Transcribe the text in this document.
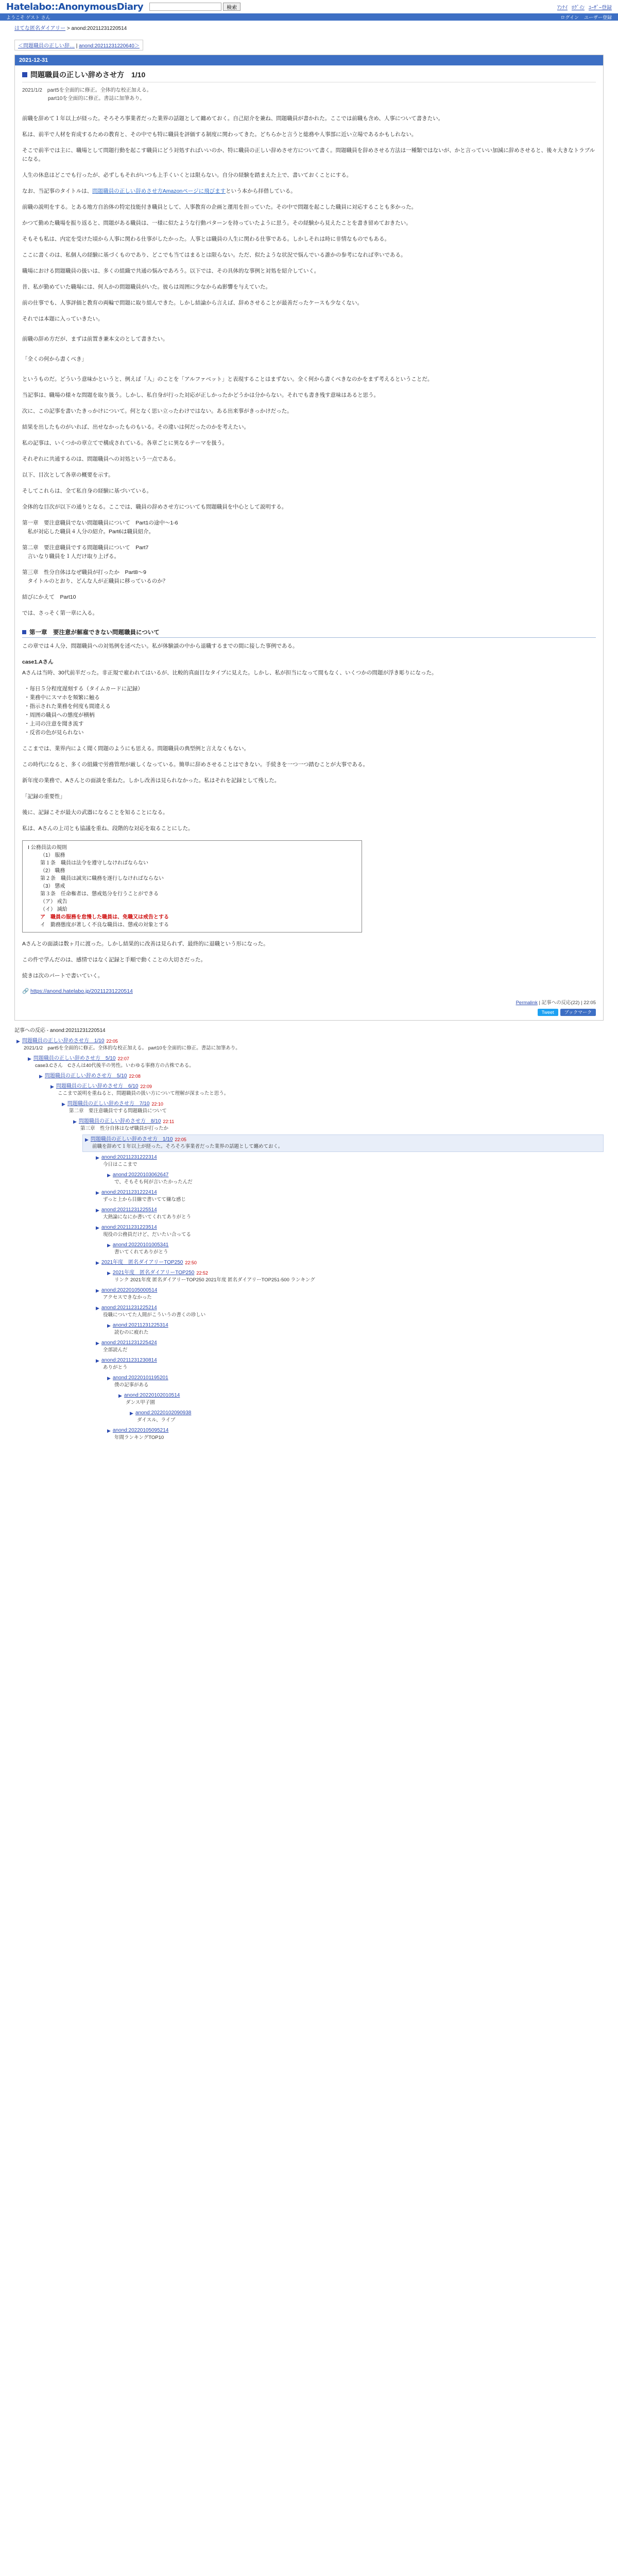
Hatelabo::AnonymousDiary	検索	ｱﾝﾅｲ ﾛｸﾞｲﾝ ﾕｰｻﾞｰ登録
ようこそ ゲスト さん	ログイン ユーザー登録
はてな匿名ダイアリー > anond:20211231220514
＜問題職員の正しい辞… | anond:20211231220640＞
2021-12-31
問題職員の正しい辞めさせ方　1/10
2021/1/2　part5を全面的に修正。全体的な校正加える。
　　　　　part10を全面的に修正。書誌に加筆あり。

前職を辞めて１年以上が経った。そろそろ事業者だった業界の話題として纏めておく。自己紹介を兼ね、問題職員が書かれた。ここでは前職も含め、人事について書きたい。

私は、前半で人材を育成するための教育と、その中でも特に職員を評価する制度に関わってきた。どちらかと言うと総務や人事部に近い立場であるかもしれない。

そこで前半では主に、職場として問題行動を起こす職員にどう対処すればいいのか、特に職員の正しい辞めさせ方について書く。問題職員を辞めさせる方法は一種類ではないが、かと言っていい加減に辞めさせると、後々大きなトラブルになる。

人生の休息はどこでも行ったが、必ずしもそれがいつも上手くいくとは限らない。自分の経験を踏まえた上で、書いておくことにする。

なお、当記事のタイトルは、問題職員の正しい辞めさせ方Amazonページに飛びますという本から拝借している。

前職の説明をする。とある地方自治体の特定技能付き職員として、人事教育の企画と運用を担っていた。その中で問題を起こした職員に対応することも多かった。

かつて勤めた職場を振り返ると、問題がある職員は、一様に似たような行動パターンを持っていたように思う。その経験から見えたことを書き留めておきたい。

そもそも私は、内定を受けた頃から人事に関わる仕事がしたかった。人事とは職員の人生に関わる仕事である。しかしそれは時に非情なものでもある。

ここに書くのは、私個人の経験に基づくものであり、どこでも当てはまるとは限らない。ただ、似たような状況で悩んでいる誰かの参考になれば幸いである。

職場における問題職員の扱いは、多くの組織で共通の悩みであろう。以下では、その具体的な事例と対処を紹介していく。

昔、私が勤めていた職場には、何人かの問題職員がいた。彼らは周囲に少なからぬ影響を与えていた。

前の仕事でも、人事評価と教育の両輪で問題に取り組んできた。しかし結論から言えば、辞めさせることが最善だったケースも少なくない。

それでは本題に入っていきたい。

前職の辞め方だが、まずは前置き兼本文のとして書きたい。

「全くの何から書くべき」

というものだ。どういう意味かというと、例えば「人」のことを「アルファベット」と表現することはまずない。全く何から書くべきなのかをまず考えるということだ。

当記事は、職場の様々な問題を取り扱う。しかし、私自身が行った対応が正しかったかどうかは分からない。それでも書き残す意味はあると思う。

次に、この記事を書いたきっかけについて。何となく思い立ったわけではない。ある出来事がきっかけだった。

結果を出したものがいれば、出せなかったものもいる。その違いは何だったのかを考えたい。

私の記事は、いくつかの章立てで構成されている。各章ごとに異なるテーマを扱う。

それぞれに共通するのは、問題職員への対処という一点である。

以下、目次として各章の概要を示す。

そしてこれらは、全て私自身の経験に基づいている。

全体的な目次が以下の通りとなる。ここでは、職員の辞めさせ方についても問題職員を中心として説明する。

第一章　要注意職員でない問題職員について　Part1の途中〜1-6

　私が対応した職員４人分の紹介。Part6は職員紹介。

第二章　要注意職員でする問題職員について　Part7

　言いなり職員を１人だけ取り上げる。

第三章　性分自体はなぜ職員が打ったか　Part8〜9

　タイトルのとおり、どんな人が正職員に移っているのか？

結びにかえて　Part10

では、さっそく第一章に入る。

第一章　要注意が解雇できない問題職員について

この章では４人分、問題職員への対処例を述べたい。私が体験談の中から退職するまでの間に接した事例である。

case1.Aさん

Aさんは当時、30代前半だった。非正規で雇われてはいるが、比較的真面目なタイプに見えた。しかし、私が担当になって間もなく、いくつかの問題が浮き彫りになった。

・毎日５分程度遅刻する（タイムカードに記録）
・業務中にスマホを頻繁に触る
・指示された業務を何度も間違える
・周囲の職員への態度が横柄
・上司の注意を聞き流す
・反省の色が見られない

ここまでは、業界内によく聞く問題のようにも思える。問題職員の典型例と言えなくもない。

この時代になると、多くの組織で労務管理が厳しくなっている。簡単に辞めさせることはできない。手続きを一つ一つ踏むことが大事である。

新年度の業務で、Aさんとの面談を重ねた。しかし改善は見られなかった。私はそれを記録として残した。

「記録の重要性」

後に、記録こそが最大の武器になることを知ることになる。

私は、Aさんの上司とも協議を重ね、段階的な対応を取ることにした。

Ⅰ 公務員法の規則
（1） 服務
第１条　職員は法令を遵守しなければならない
（2） 職務
第２条　職員は誠実に職務を遂行しなければならない
（3） 懲戒
第３条　任命権者は、懲戒処分を行うことができる
（ア） 戒告
（イ） 減給
ア　職員の服務を怠慢した職員は、免職又は戒告とする
イ　勤務態度が著しく不良な職員は、懲戒の対象とする

Aさんとの面談は数ヶ月に渡った。しかし結果的に改善は見られず、最終的に退職という形になった。

この件で学んだのは、感情ではなく記録と手順で動くことの大切さだった。

続きは次のパートで書いていく。

🔗 https://anond.hatelabo.jp/20211231220514
Permalink | 記事への反応(22) | 22:05
Tweet	ブックマーク
記事への反応 - anond:20211231220514
▶ 問題職員の正しい辞めさせ方　1/10 22:05
2021/1/2　part5を全面的に修正。全体的な校正加える。 part10を全面的に修正。書誌に加筆あり。
▶ 問題職員の正しい辞めさせ方　5/10 22:07
case3.Cさん　Cさんは40代後半の男性。いわゆる事務方の古株である。
▶ 問題職員の正しい辞めさせ方　5/10 22:08
▶ 問題職員の正しい辞めさせ方　6/10 22:09
ここまで説明を重ねると、問題職員の扱い方について理解が深まったと思う。
▶ 問題職員の正しい辞めさせ方　7/10 22:10
第二章　要注意職員でする問題職員について
▶ 問題職員の正しい辞めさせ方　8/10 22:11
第三章　性分自体はなぜ職員が打ったか
▶ 問題職員の正しい辞めさせ方　1/10 22:05
前職を辞めて１年以上が経った。そろそろ事業者だった業界の話題として纏めておく。
▶ anond:20211231222314
今日はここまで
▶ anond:20220103062647
で、そもそも何が言いたかったんだ
▶ anond:20211231222414
ずっと上から目線で書いてて嫌な感じ
▶ anond:20211231225514
大熱論になにか書いてくれてありがとう
▶ anond:20211231223514
現役の公務員だけど、だいたい合ってる
▶ anond:20220101005341
書いてくれてありがとう
▶ 2021年度　匿名ダイアリーTOP250 22:50
▶ 2021年度　匿名ダイアリーTOP250 22:52
リンク 2021年度 匿名ダイアリーTOP250 2021年度 匿名ダイアリーTOP251-500 ランキング
▶ anond:20220105000514
アクセスできなかった
▶ anond:20211231225214
役職についてた人間がこういうの書くの珍しい
▶ anond:20211231225314
読むのに疲れた
▶ anond:20211231225424
全部読んだ
▶ anond:20211231230814
ありがとう
▶ anond:20220101195201
僕の記事がある
▶ anond:20220102010514
ダンス甲子園
▶ anond:20220102090938
ダイスル、ライブ
▶ anond:20220105095214
年間ランキングTOP10
